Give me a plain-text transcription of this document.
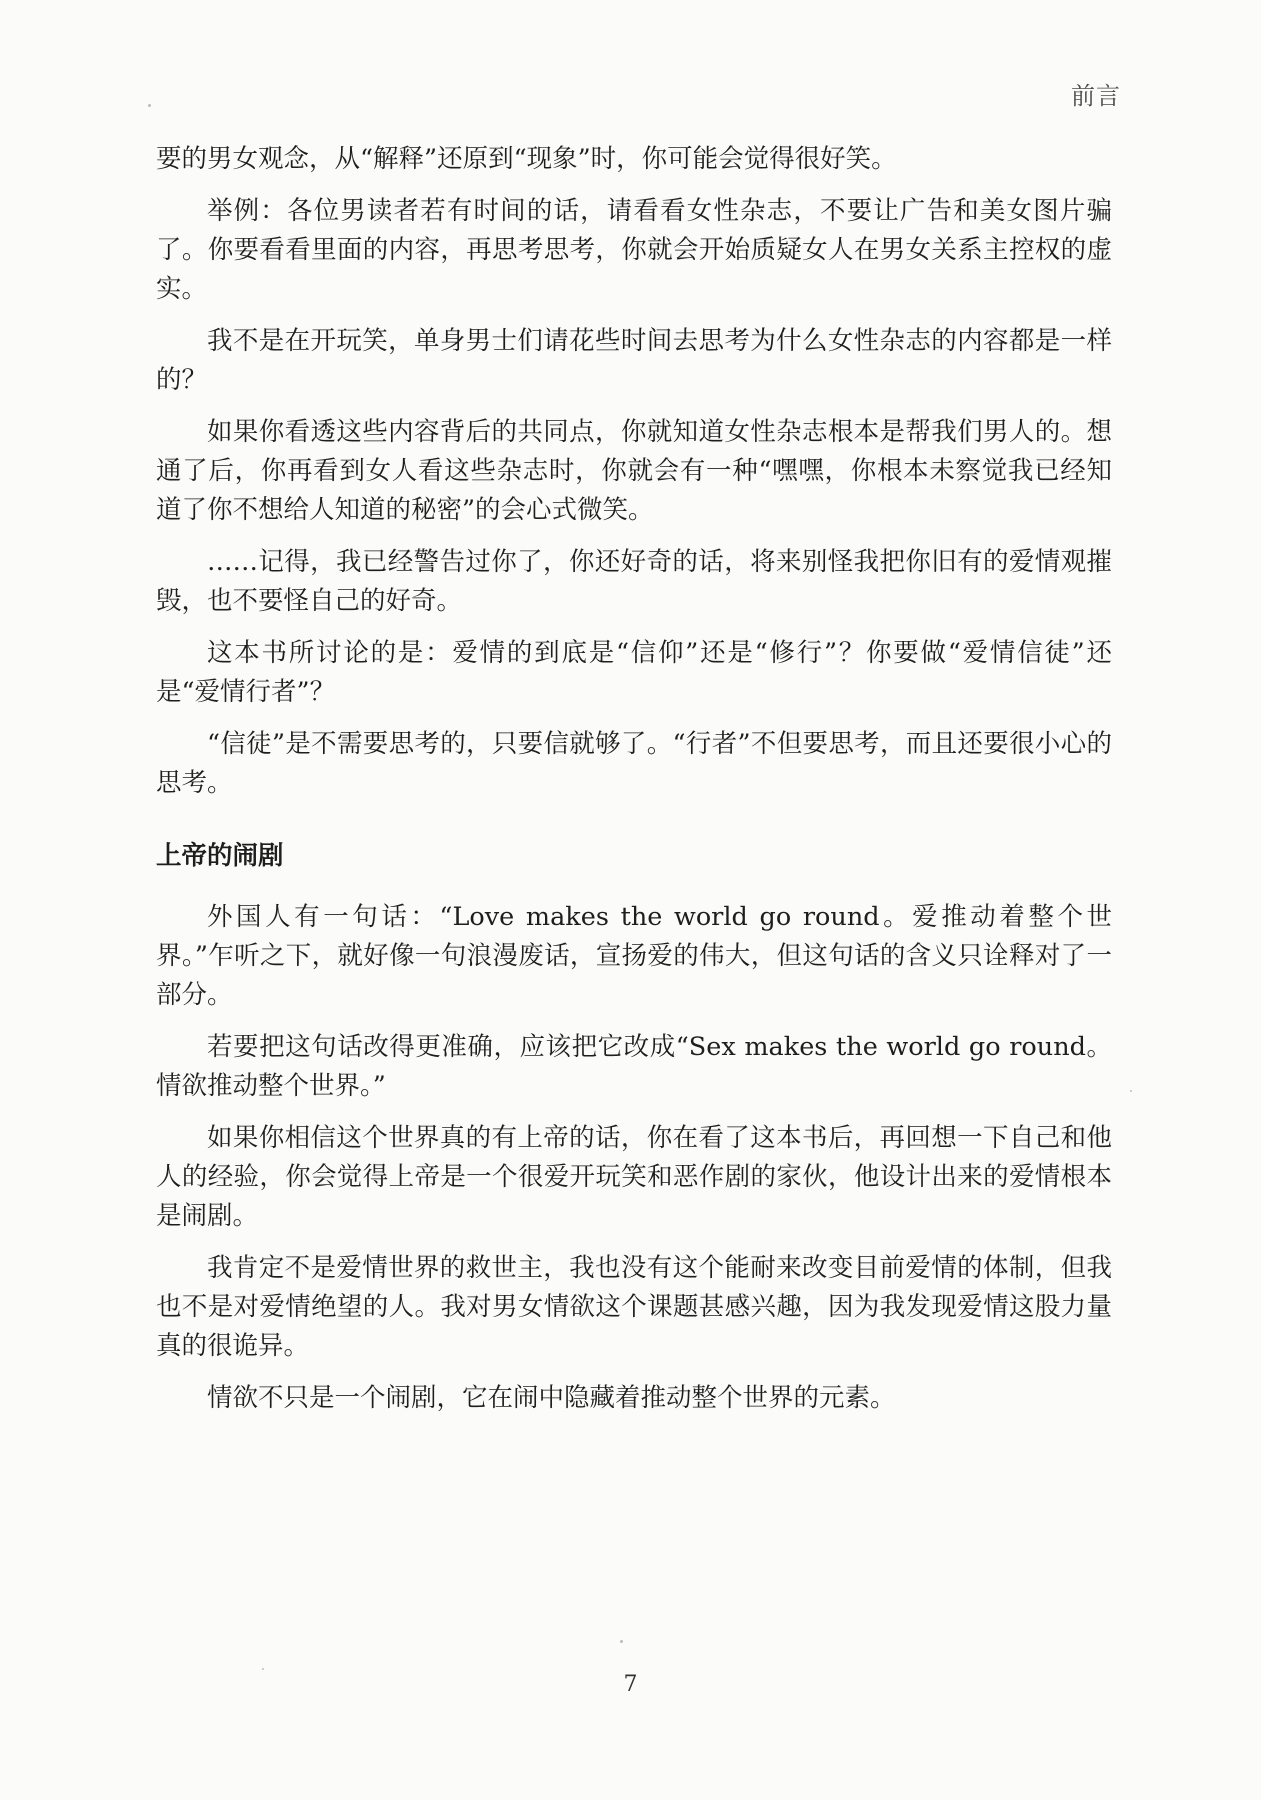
前言

要的男女观念，从“解释”还原到“现象”时，你可能会觉得很好笑。

举例：各位男读者若有时间的话，请看看女性杂志，不要让广告和美女图片骗了。你要看看里面的内容，再思考思考，你就会开始质疑女人在男女关系主控权的虚实。

我不是在开玩笑，单身男士们请花些时间去思考为什么女性杂志的内容都是一样的？

如果你看透这些内容背后的共同点，你就知道女性杂志根本是帮我们男人的。想通了后，你再看到女人看这些杂志时，你就会有一种“嘿嘿，你根本未察觉我已经知道了你不想给人知道的秘密”的会心式微笑。

……记得，我已经警告过你了，你还好奇的话，将来别怪我把你旧有的爱情观摧毁，也不要怪自己的好奇。

这本书所讨论的是：爱情的到底是“信仰”还是“修行”？你要做“爱情信徒”还是“爱情行者”？

“信徒”是不需要思考的，只要信就够了。“行者”不但要思考，而且还要很小心的思考。

上帝的闹剧

外国人有一句话：“Love makes the world go round。爱推动着整个世界。”乍听之下，就好像一句浪漫废话，宣扬爱的伟大，但这句话的含义只诠释对了一部分。

若要把这句话改得更准确，应该把它改成“Sex makes the world go round。情欲推动整个世界。”

如果你相信这个世界真的有上帝的话，你在看了这本书后，再回想一下自己和他人的经验，你会觉得上帝是一个很爱开玩笑和恶作剧的家伙，他设计出来的爱情根本是闹剧。

我肯定不是爱情世界的救世主，我也没有这个能耐来改变目前爱情的体制，但我也不是对爱情绝望的人。我对男女情欲这个课题甚感兴趣，因为我发现爱情这股力量真的很诡异。

情欲不只是一个闹剧，它在闹中隐藏着推动整个世界的元素。

7
